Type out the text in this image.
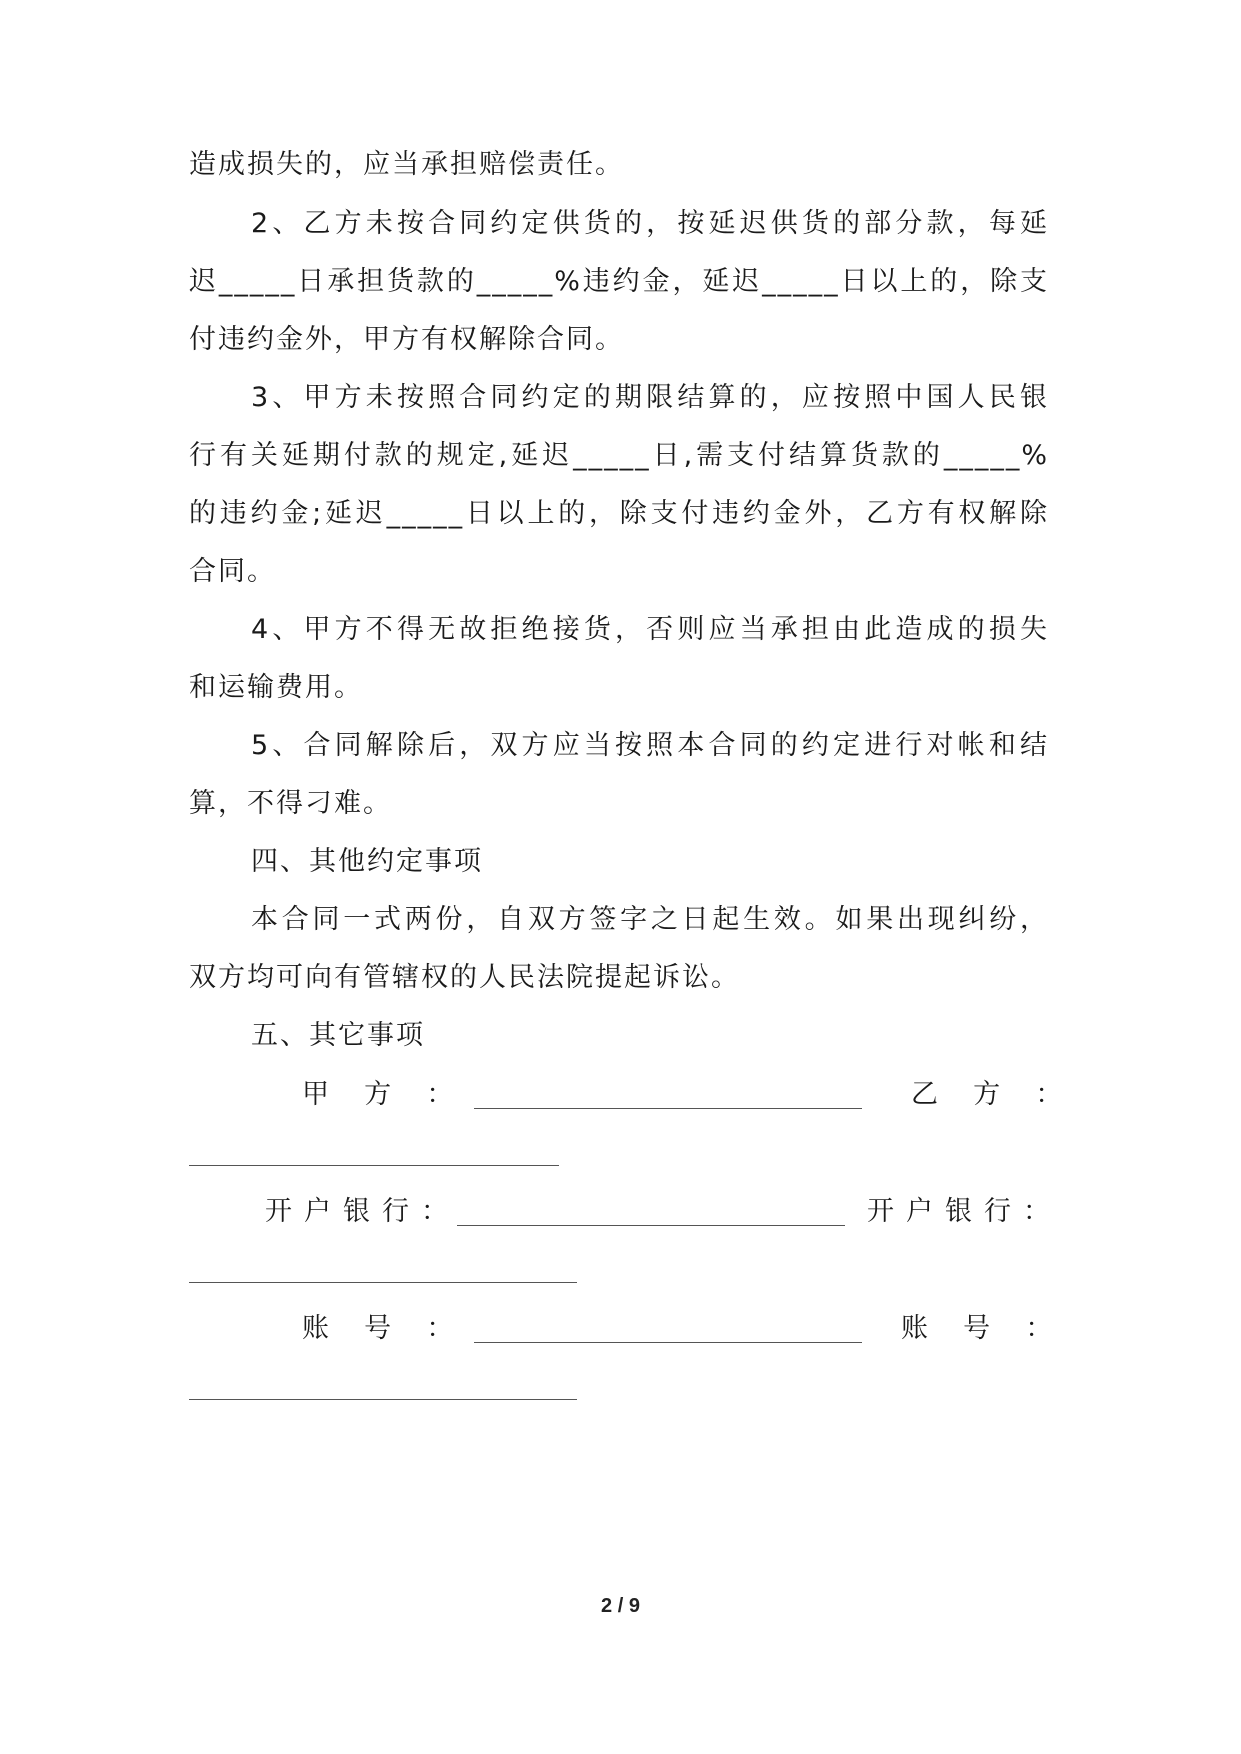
造成损失的，应当承担赔偿责任。
2、乙方未按合同约定供货的，按延迟供货的部分款，每延
迟_____日承担货款的_____%违约金，延迟_____日以上的，除支
付违约金外，甲方有权解除合同。
3、甲方未按照合同约定的期限结算的，应按照中国人民银
行有关延期付款的规定,延迟_____日,需支付结算货款的_____%
的违约金;延迟_____日以上的，除支付违约金外，乙方有权解除
合同。
4、甲方不得无故拒绝接货，否则应当承担由此造成的损失
和运输费用。
5、合同解除后，双方应当按照本合同的约定进行对帐和结
算，不得刁难。
四、其他约定事项
本合同一式两份，自双方签字之日起生效。如果出现纠纷，
双方均可向有管辖权的人民法院提起诉讼。
五、其它事项
甲  方  ：	乙  方  ：
开户银行：	开户银行：
账  号  ：	账  号  ：
2 / 9
